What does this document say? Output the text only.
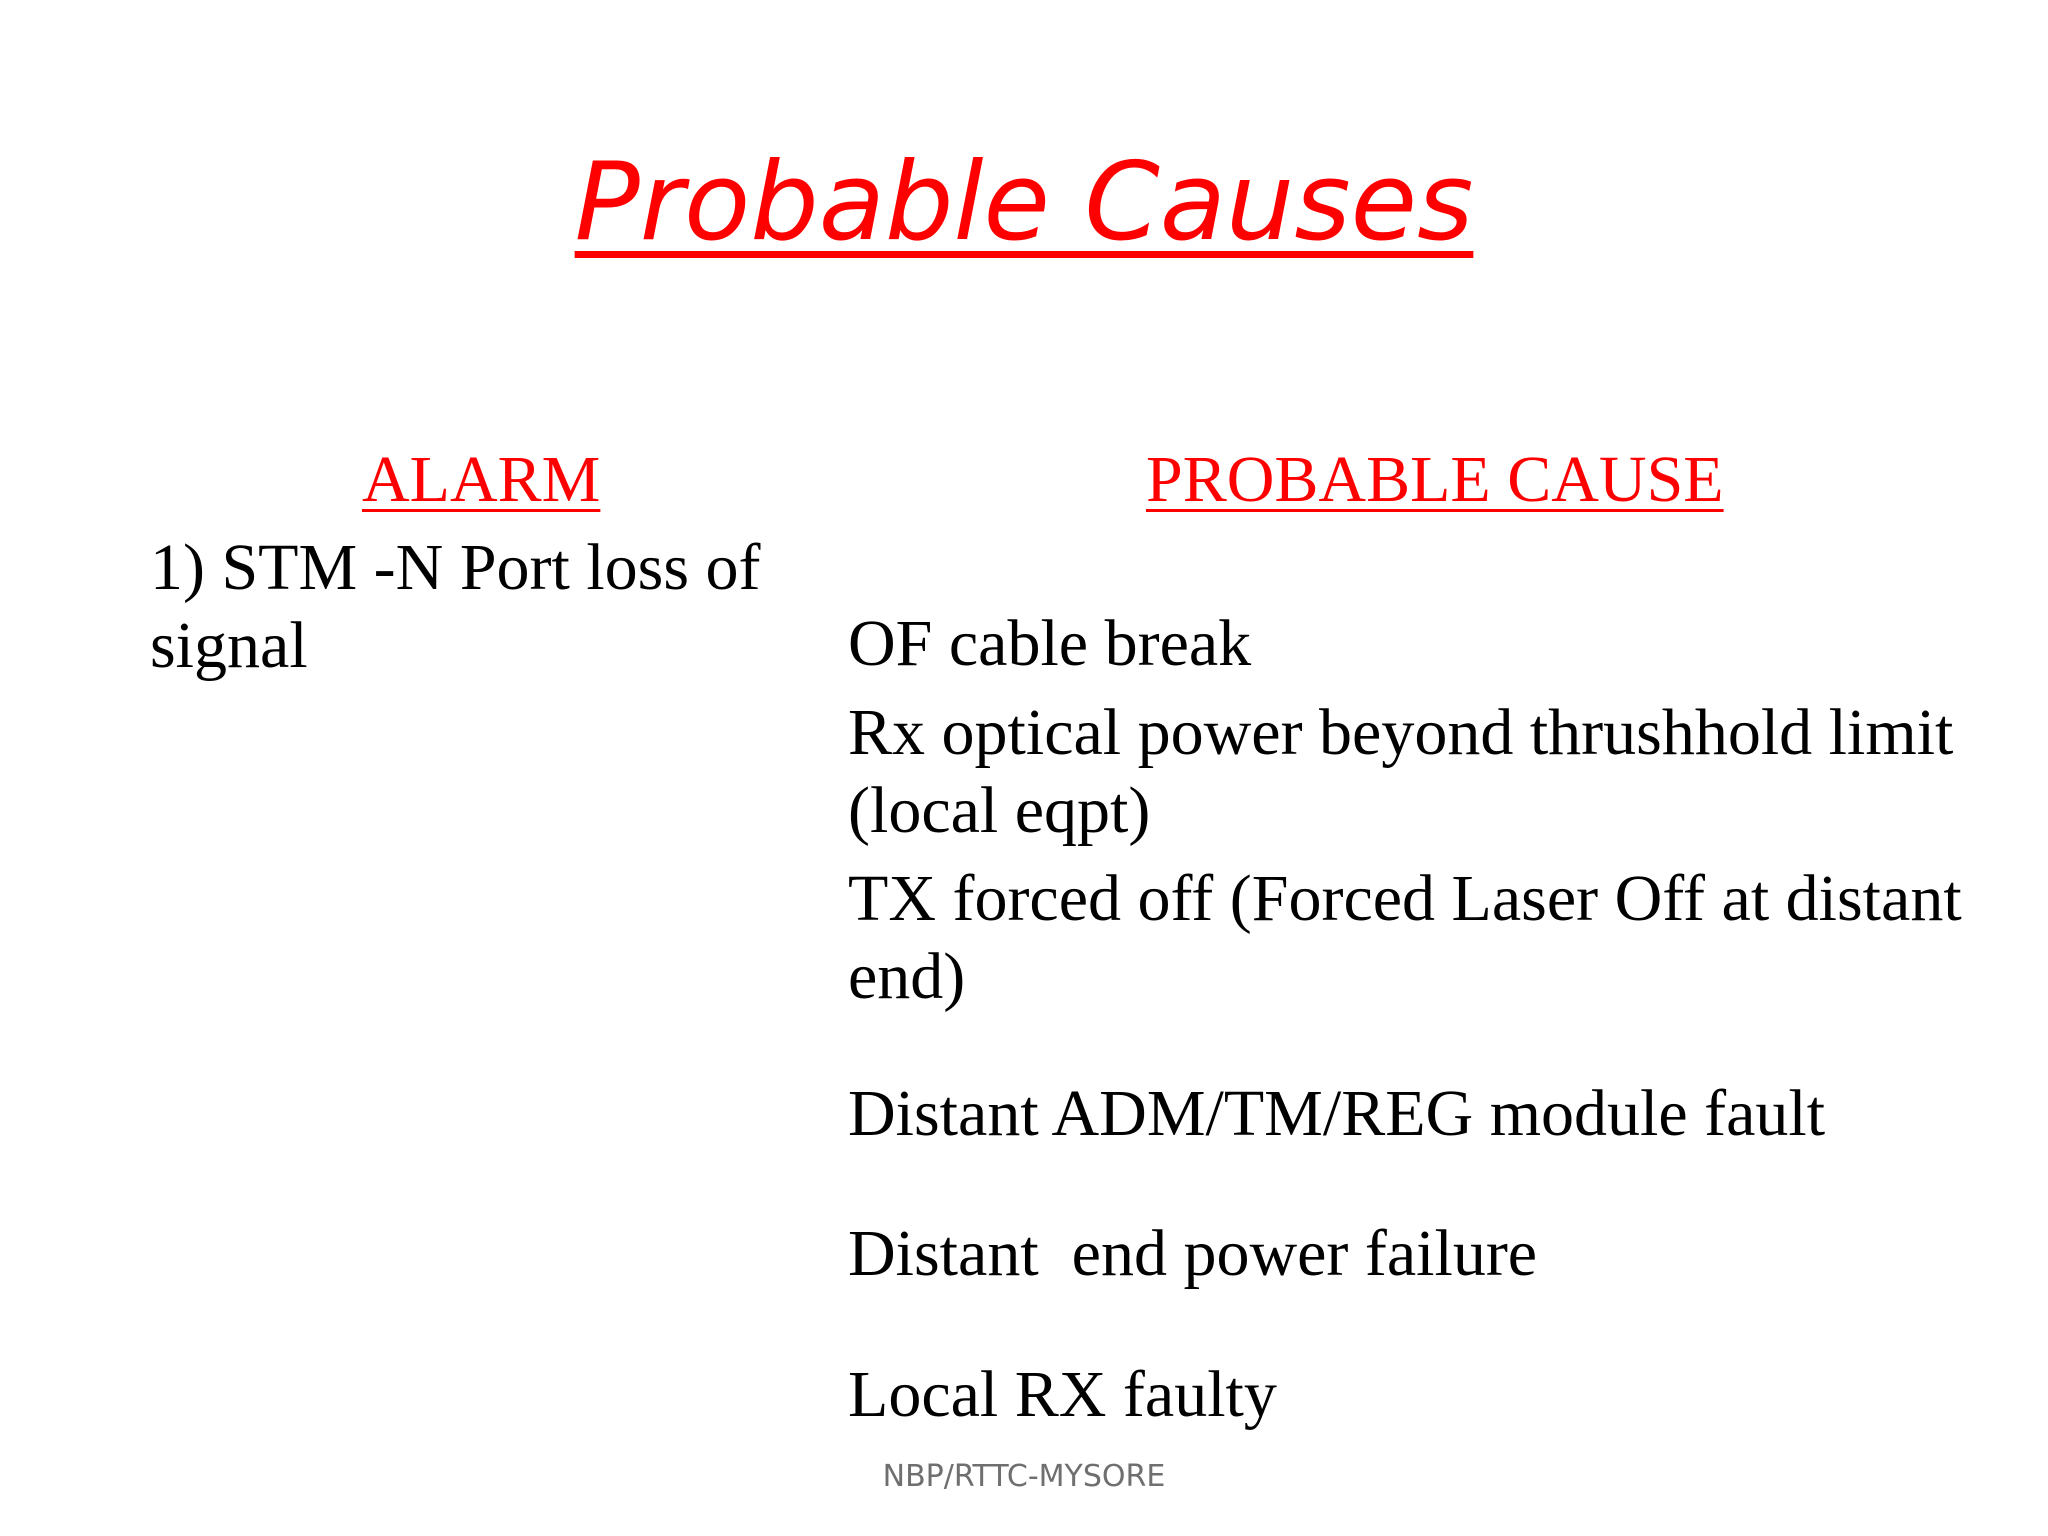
Probable Causes
ALARM	PROBABLE CAUSE
1) STM -N Port loss of signal	OF cable break
Rx optical power beyond thrushhold limit (local eqpt)
TX forced off (Forced Laser Off at distant end)
Distant ADM/TM/REG module fault
Distant  end power failure
Local RX faulty
NBP/RTTC-MYSORE
